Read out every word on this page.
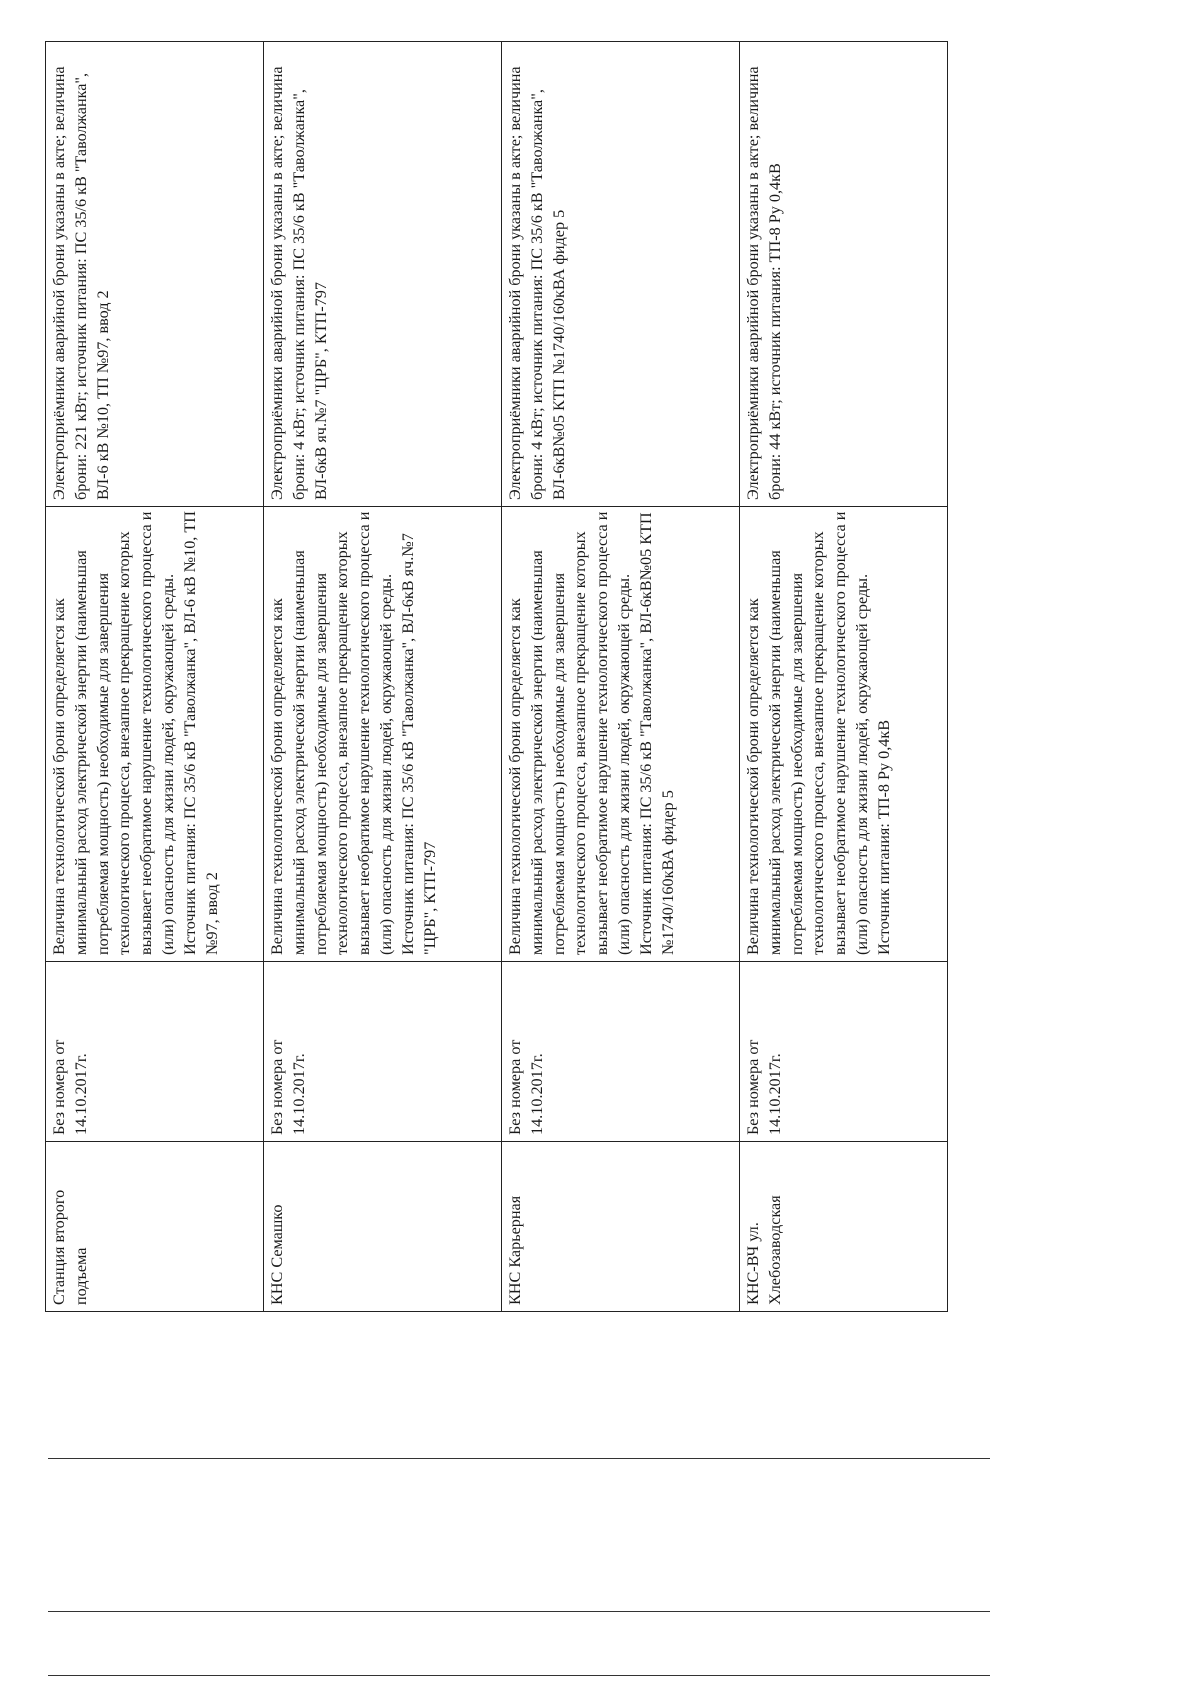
Станция второго подъема	Без номера от 14.10.2017г.	Величина технологической брони определяется как минимальный расход электрической энергии (наименьшая потребляемая мощность) необходимые для завершения технологического процесса, внезапное прекращение которых вызывает необратимое нарушение технологического процесса и (или) опасность для жизни людей, окружающей среды. Источник питания: ПС 35/6 кВ "Таволжанка", ВЛ-6 кВ №10, ТП №97, ввод 2	Электроприёмники аварийной брони указаны в акте; величина брони: 221 кВт; источник питания: ПС 35/6 кВ "Таволжанка", ВЛ-6 кВ №10, ТП №97, ввод 2

КНС Семашко	Без номера от 14.10.2017г.	Величина технологической брони определяется как минимальный расход электрической энергии (наименьшая потребляемая мощность) необходимые для завершения технологического процесса, внезапное прекращение которых вызывает необратимое нарушение технологического процесса и (или) опасность для жизни людей, окружающей среды. Источник питания: ПС 35/6 кВ "Таволжанка", ВЛ-6кВ яч.№7 "ЦРБ", КТП-797	Электроприёмники аварийной брони указаны в акте; величина брони: 4 кВт; источник питания: ПС 35/6 кВ "Таволжанка", ВЛ-6кВ яч.№7 "ЦРБ", КТП-797

КНС Карьерная	Без номера от 14.10.2017г.	Величина технологической брони определяется как минимальный расход электрической энергии (наименьшая потребляемая мощность) необходимые для завершения технологического процесса, внезапное прекращение которых вызывает необратимое нарушение технологического процесса и (или) опасность для жизни людей, окружающей среды. Источник питания: ПС 35/6 кВ "Таволжанка", ВЛ-6кВ№05 КТП №1740/160кВА фидер 5	Электроприёмники аварийной брони указаны в акте; величина брони: 4 кВт; источник питания: ПС 35/6 кВ "Таволжанка", ВЛ-6кВ№05 КТП №1740/160кВА фидер 5

КНС-ВЧ ул. Хлебозаводская	Без номера от 14.10.2017г.	Величина технологической брони определяется как минимальный расход электрической энергии (наименьшая потребляемая мощность) необходимые для завершения технологического процесса, внезапное прекращение которых вызывает необратимое нарушение технологического процесса и (или) опасность для жизни людей, окружающей среды. Источник питания: ТП-8 Ру 0,4кВ	Электроприёмники аварийной брони указаны в акте; величина брони: 44 кВт; источник питания: ТП-8 Ру 0,4кВ
